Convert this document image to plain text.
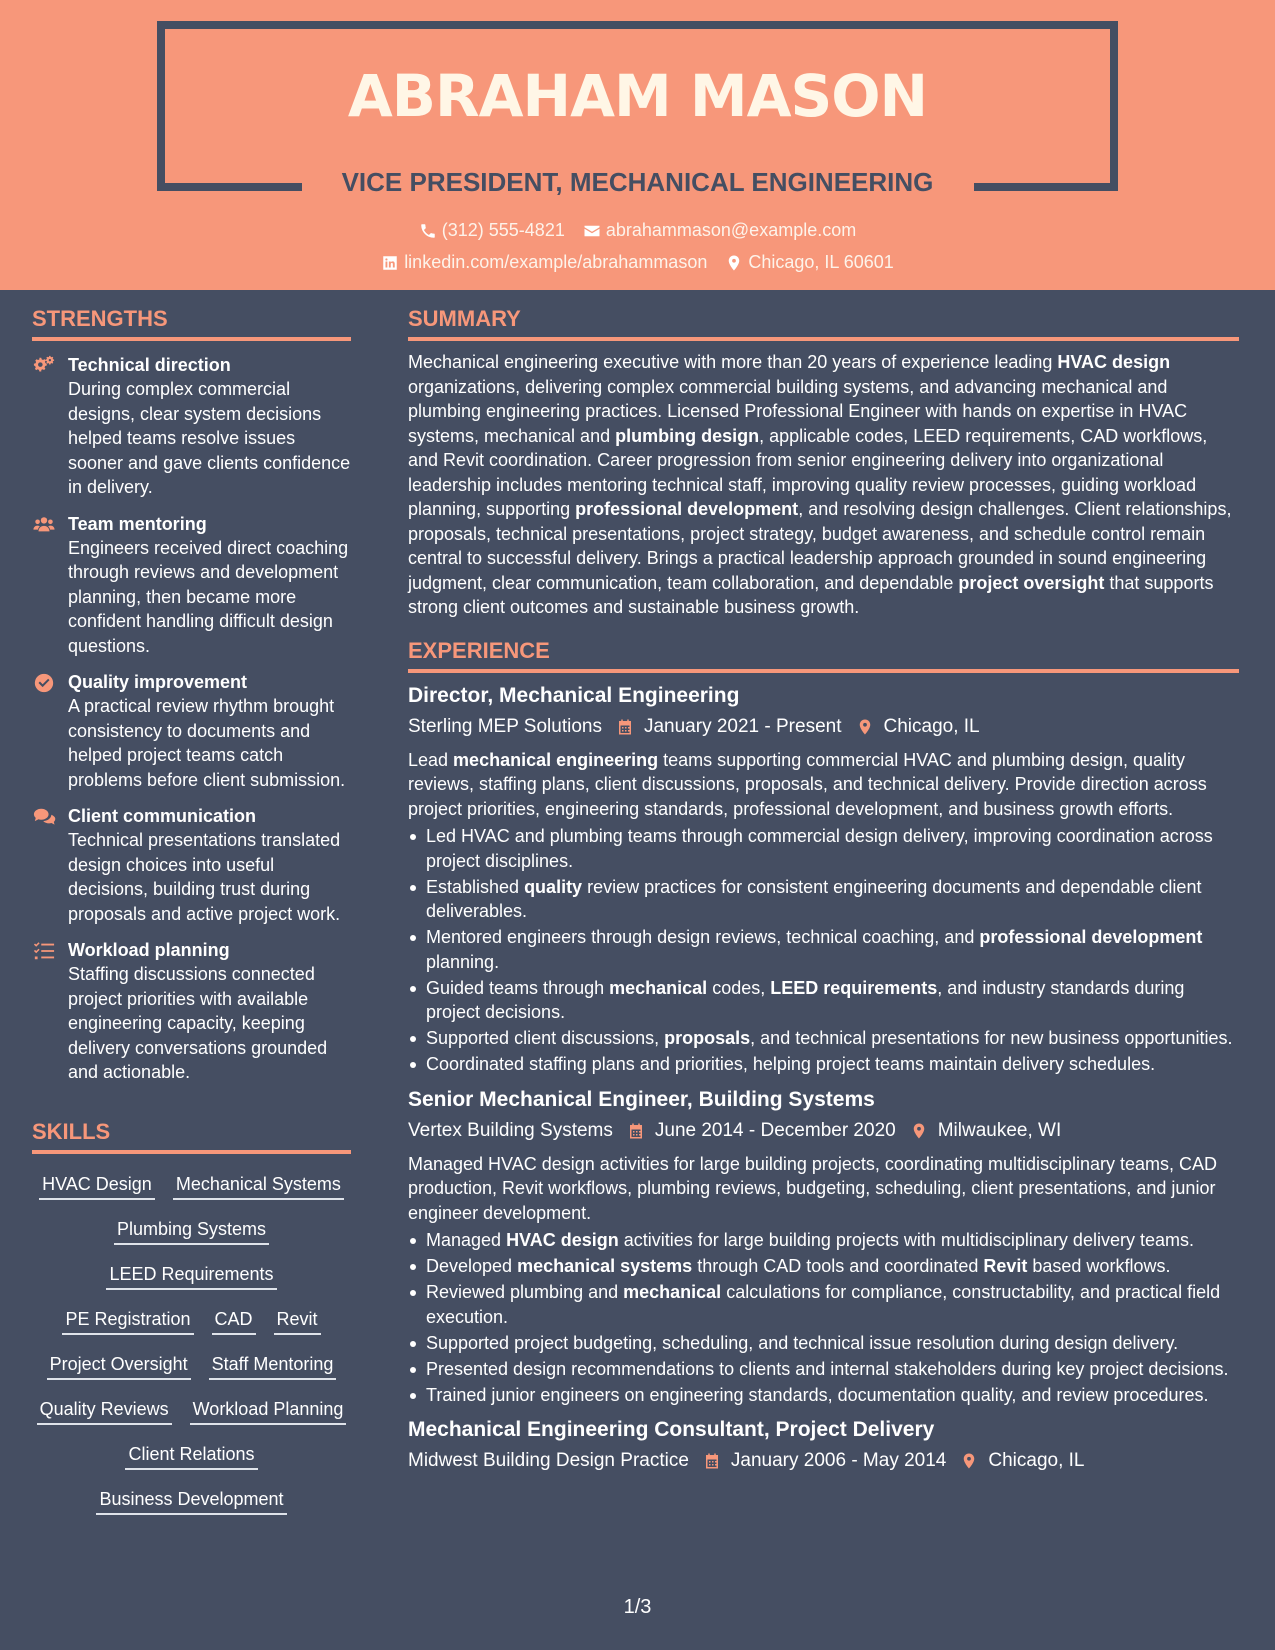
ABRAHAM MASON
VICE PRESIDENT, MECHANICAL ENGINEERING
(312) 555-4821 abrahammason@example.com
linkedin.com/example/abrahammason Chicago, IL 60601
STRENGTHS
Technical direction
During complex commercial designs, clear system decisions helped teams resolve issues sooner and gave clients confidence in delivery.
Team mentoring
Engineers received direct coaching through reviews and development planning, then became more confident handling difficult design questions.
Quality improvement
A practical review rhythm brought consistency to documents and helped project teams catch problems before client submission.
Client communication
Technical presentations translated design choices into useful decisions, building trust during proposals and active project work.
Workload planning
Staffing discussions connected project priorities with available engineering capacity, keeping delivery conversations grounded and actionable.
SKILLS
HVAC Design Mechanical Systems
Plumbing Systems
LEED Requirements
PE Registration CAD Revit
Project Oversight Staff Mentoring
Quality Reviews Workload Planning
Client Relations
Business Development
SUMMARY

Mechanical engineering executive with more than 20 years of experience leading HVAC design organizations, delivering complex commercial building systems, and advancing mechanical and plumbing engineering practices. Licensed Professional Engineer with hands on expertise in HVAC systems, mechanical and plumbing design, applicable codes, LEED requirements, CAD workflows, and Revit coordination. Career progression from senior engineering delivery into organizational leadership includes mentoring technical staff, improving quality review processes, guiding workload planning, supporting professional development, and resolving design challenges. Client relationships, proposals, technical presentations, project strategy, budget awareness, and schedule control remain central to successful delivery. Brings a practical leadership approach grounded in sound engineering judgment, clear communication, team collaboration, and dependable project oversight that supports strong client outcomes and sustainable business growth.

EXPERIENCE
Director, Mechanical Engineering
Sterling MEP Solutions January 2021 - Present Chicago, IL

Lead mechanical engineering teams supporting commercial HVAC and plumbing design, quality reviews, staffing plans, client discussions, proposals, and technical delivery. Provide direction across project priorities, engineering standards, professional development, and business growth efforts.

Led HVAC and plumbing teams through commercial design delivery, improving coordination across project disciplines.
Established quality review practices for consistent engineering documents and dependable client deliverables.
Mentored engineers through design reviews, technical coaching, and professional development planning.
Guided teams through mechanical codes, LEED requirements, and industry standards during project decisions.
Supported client discussions, proposals, and technical presentations for new business opportunities.
Coordinated staffing plans and priorities, helping project teams maintain delivery schedules.
Senior Mechanical Engineer, Building Systems
Vertex Building Systems June 2014 - December 2020 Milwaukee, WI

Managed HVAC design activities for large building projects, coordinating multidisciplinary teams, CAD production, Revit workflows, plumbing reviews, budgeting, scheduling, client presentations, and junior engineer development.

Managed HVAC design activities for large building projects with multidisciplinary delivery teams.
Developed mechanical systems through CAD tools and coordinated Revit based workflows.
Reviewed plumbing and mechanical calculations for compliance, constructability, and practical field execution.
Supported project budgeting, scheduling, and technical issue resolution during design delivery.
Presented design recommendations to clients and internal stakeholders during key project decisions.
Trained junior engineers on engineering standards, documentation quality, and review procedures.
Mechanical Engineering Consultant, Project Delivery
Midwest Building Design Practice January 2006 - May 2014 Chicago, IL
1/3
